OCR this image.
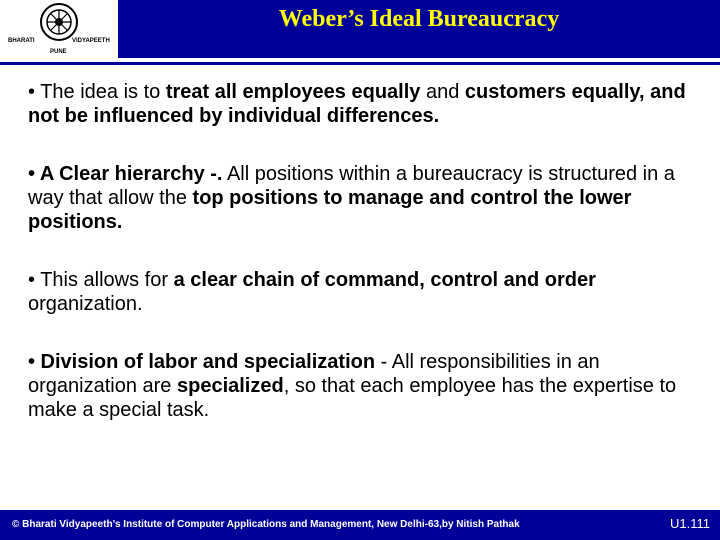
BHARATI	VIDYAPEETH
PUNE
Weber’s Ideal Bureaucracy

• The idea is to treat all employees equally and customers equally, and not be influenced by individual differences.

• A Clear hierarchy -. All positions within a bureaucracy is structured in a way that allow the top positions to manage and control the lower positions.

• This allows for a clear chain of command, control and order organization.

• Division of labor and specialization - All responsibilities in an organization are specialized, so that each employee has the expertise to make a special task.

© Bharati Vidyapeeth’s Institute of Computer Applications and Management, New Delhi-63,by Nitish Pathak	U1.111
